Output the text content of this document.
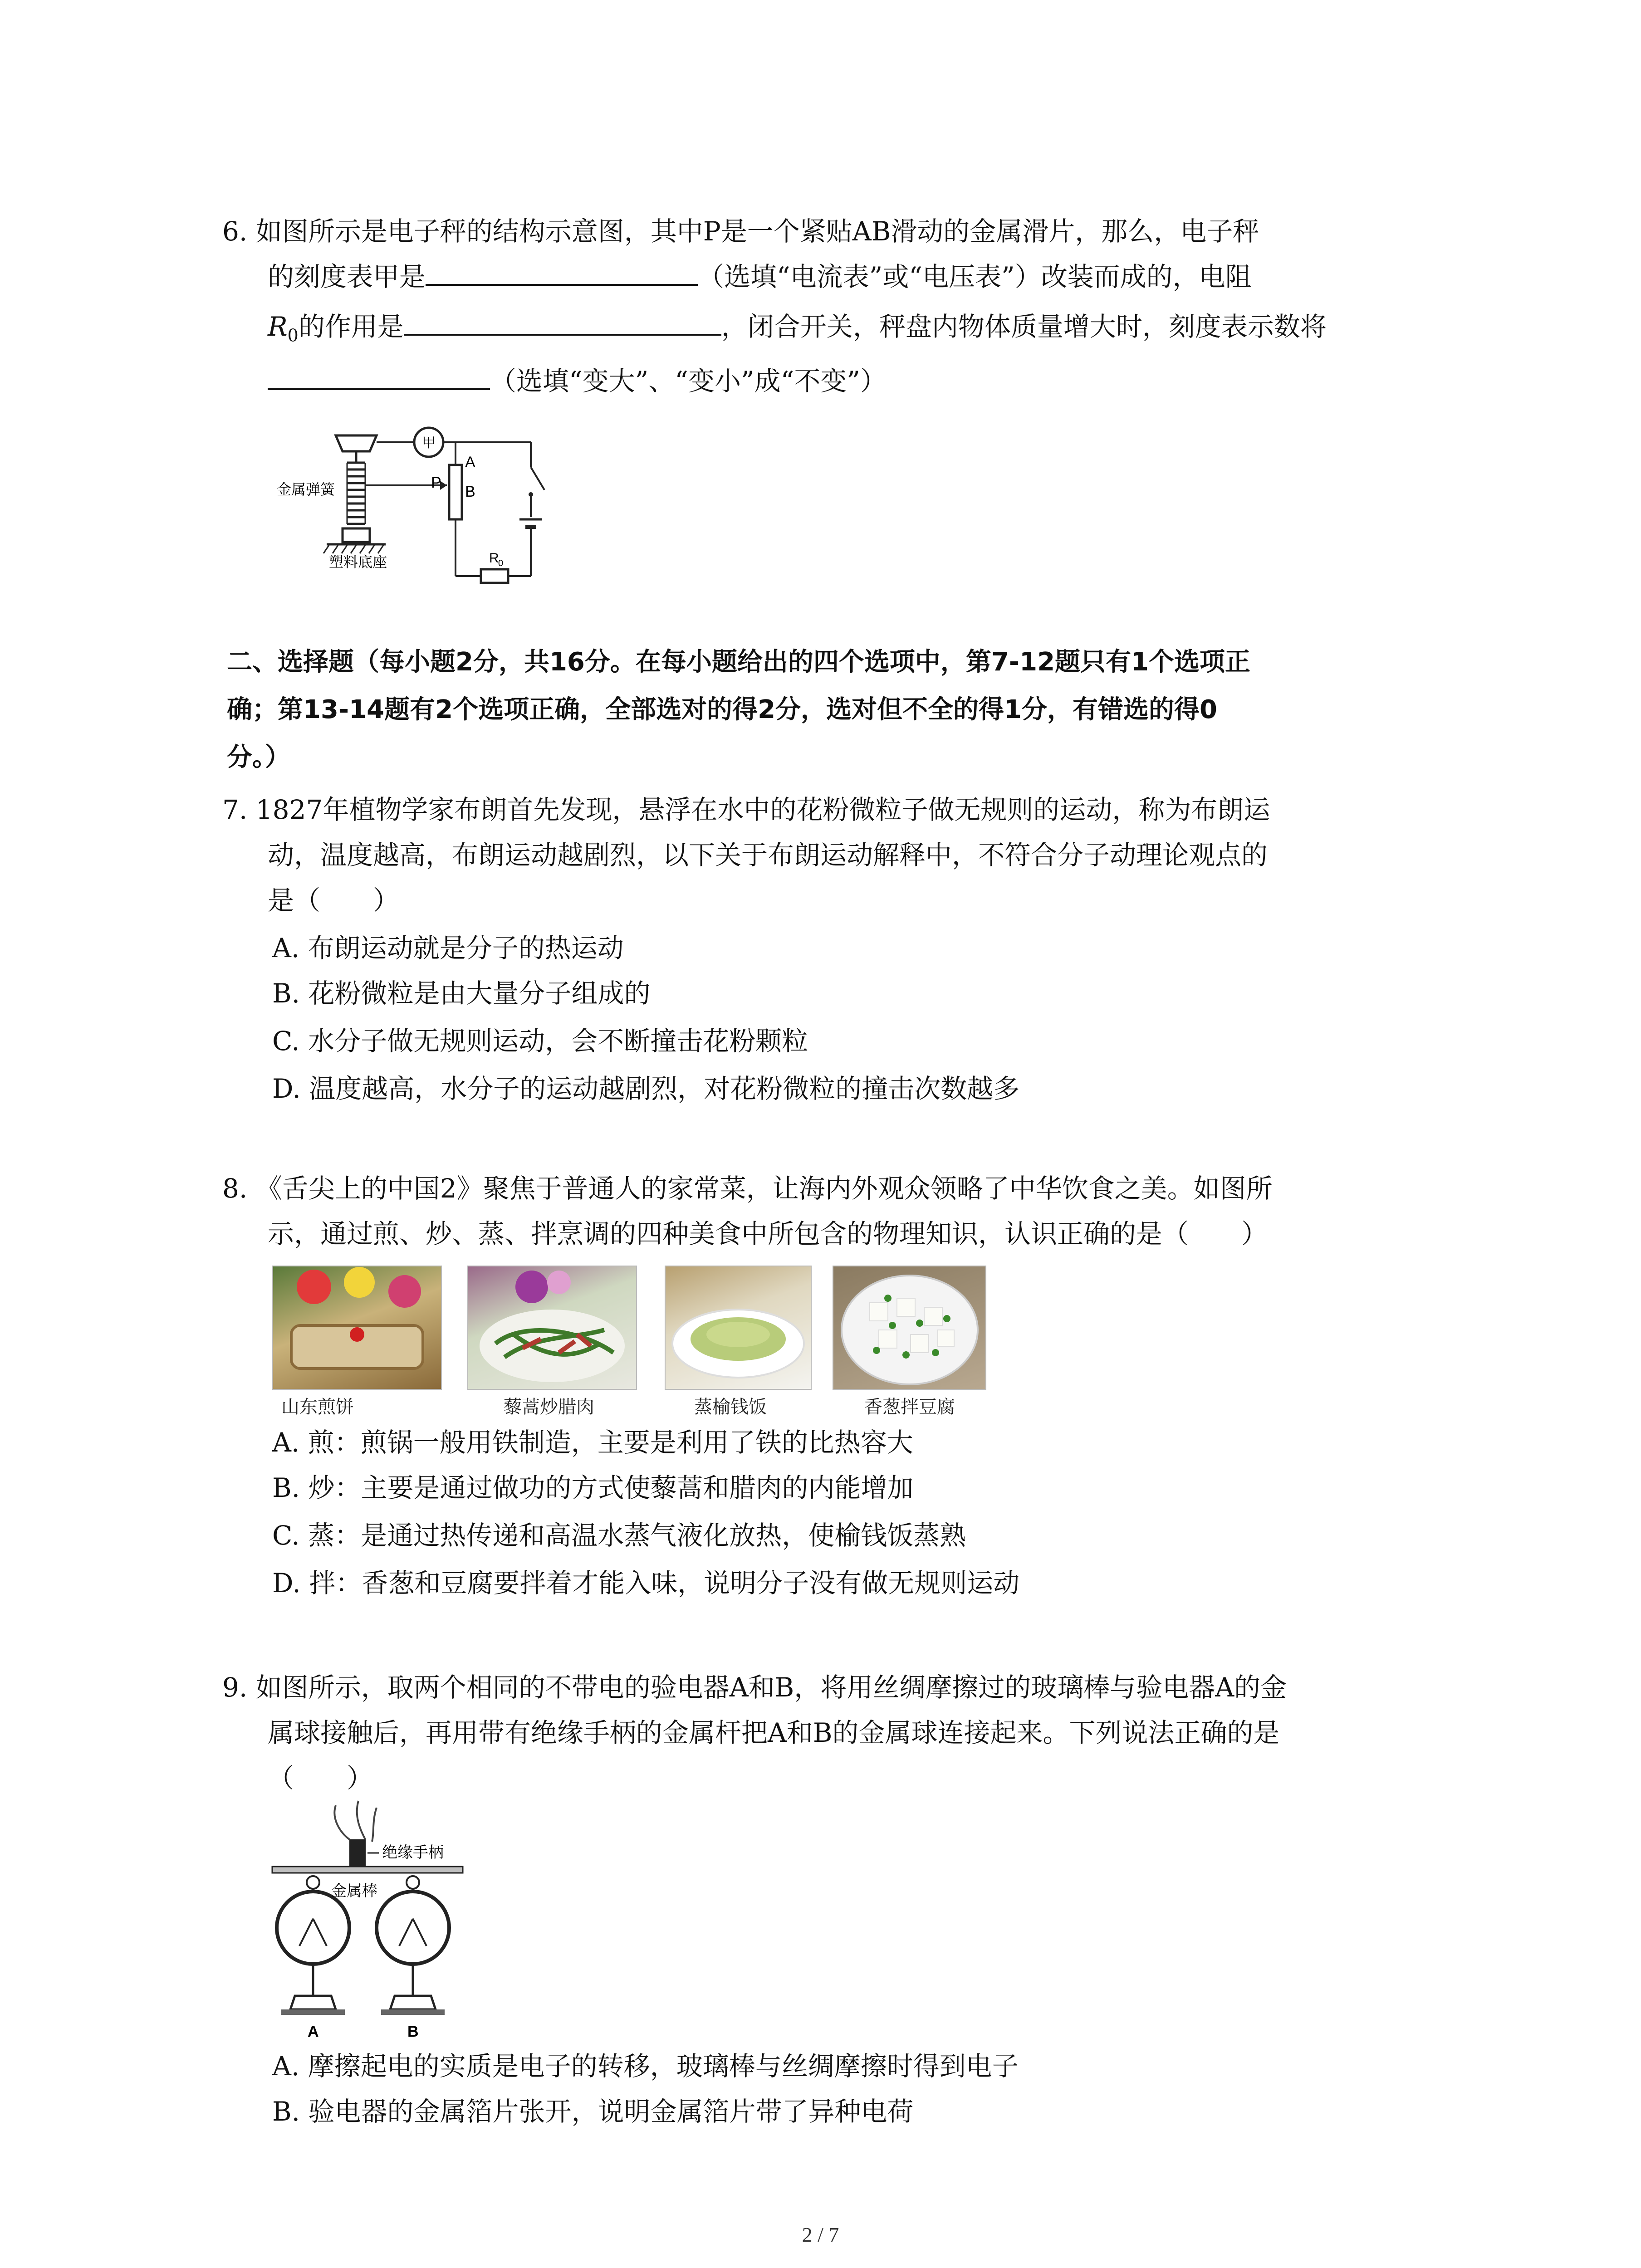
6. 如图所示是电子秤的结构示意图，其中P是一个紧贴AB滑动的金属滑片，那么，电子秤
的刻度表甲是	（选填“电流表”或“电压表”）改装而成的，电阻
$R_0$的作用是	，闭合开关，秤盘内物体质量增大时，刻度表示数将
（选填“变大”、“变小”成“不变”）
甲
A
P
B
金属弹簧
塑料底座	R
0
二、选择题（每小题2分，共16分。在每小题给出的四个选项中，第7-12题只有1个选项正
确；第13-14题有2个选项正确，全部选对的得2分，选对但不全的得1分，有错选的得0
分。）
7. 1827年植物学家布朗首先发现，悬浮在水中的花粉微粒子做无规则的运动，称为布朗运
动，温度越高，布朗运动越剧烈，以下关于布朗运动解释中，不符合分子动理论观点的
是（　　）
A. 布朗运动就是分子的热运动
B. 花粉微粒是由大量分子组成的
C. 水分子做无规则运动，会不断撞击花粉颗粒
D. 温度越高，水分子的运动越剧烈，对花粉微粒的撞击次数越多
8. 《舌尖上的中国2》聚焦于普通人的家常菜，让海内外观众领略了中华饮食之美。如图所
示，通过煎、炒、蒸、拌烹调的四种美食中所包含的物理知识，认识正确的是（　　）
山东煎饼	藜蒿炒腊肉	蒸榆钱饭	香葱拌豆腐
A. 煎：煎锅一般用铁制造，主要是利用了铁的比热容大
B. 炒：主要是通过做功的方式使藜蒿和腊肉的内能增加
C. 蒸：是通过热传递和高温水蒸气液化放热，使榆钱饭蒸熟
D. 拌：香葱和豆腐要拌着才能入味，说明分子没有做无规则运动
9. 如图所示，取两个相同的不带电的验电器A和B，将用丝绸摩擦过的玻璃棒与验电器A的金
属球接触后，再用带有绝缘手柄的金属杆把A和B的金属球连接起来。下列说法正确的是
（　　）
绝缘手柄
金属棒
A	B
A. 摩擦起电的实质是电子的转移，玻璃棒与丝绸摩擦时得到电子
B. 验电器的金属箔片张开，说明金属箔片带了异种电荷
2 / 7
